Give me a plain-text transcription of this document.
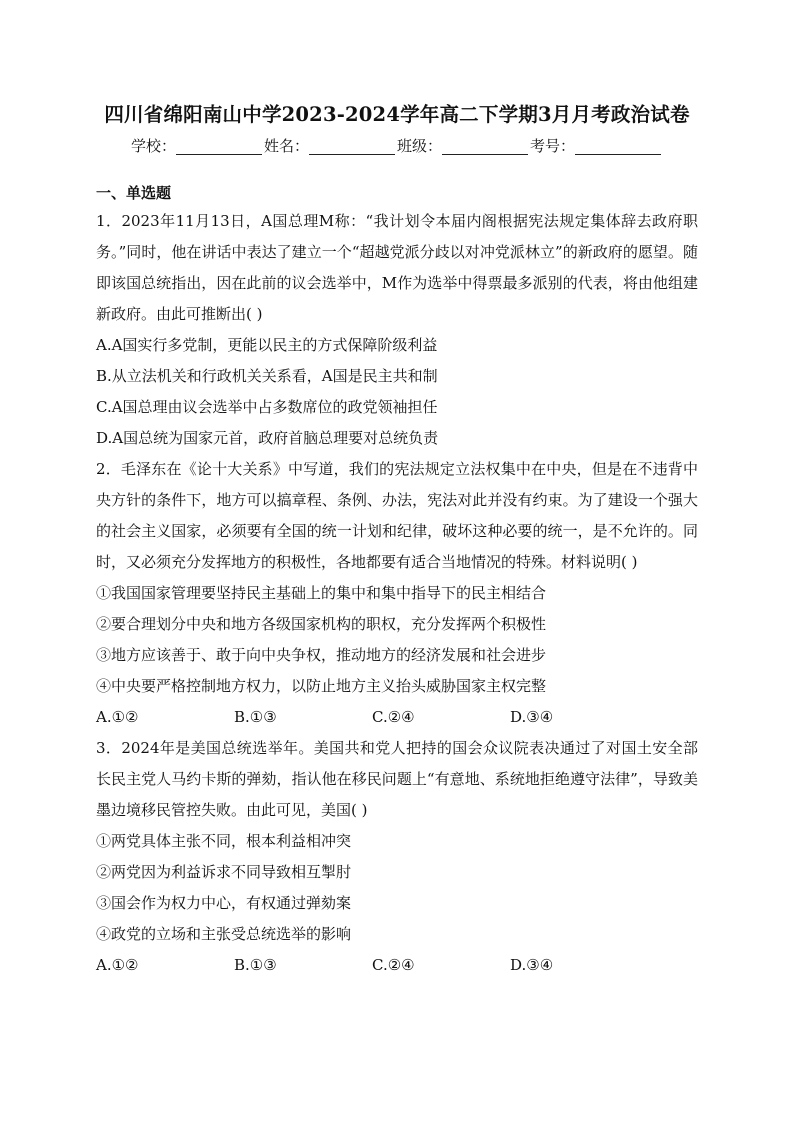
四川省绵阳南山中学2023-2024学年高二下学期3月月考政治试卷
学校：	姓名：	班级：	考号：
一、单选题

1．2023年11月13日，A国总理M称：“我计划令本届内阁根据宪法规定集体辞去政府职务。”同时，他在讲话中表达了建立一个“超越党派分歧以对冲党派林立”的新政府的愿望。随即该国总统指出，因在此前的议会选举中，M作为选举中得票最多派别的代表，将由他组建新政府。由此可推断出( )

A.A国实行多党制，更能以民主的方式保障阶级利益

B.从立法机关和行政机关关系看，A国是民主共和制

C.A国总理由议会选举中占多数席位的政党领袖担任

D.A国总统为国家元首，政府首脑总理要对总统负责

2．毛泽东在《论十大关系》中写道，我们的宪法规定立法权集中在中央，但是在不违背中央方针的条件下，地方可以搞章程、条例、办法，宪法对此并没有约束。为了建设一个强大的社会主义国家，必须要有全国的统一计划和纪律，破坏这种必要的统一，是不允许的。同时，又必须充分发挥地方的积极性，各地都要有适合当地情况的特殊。材料说明( )

①我国国家管理要坚持民主基础上的集中和集中指导下的民主相结合

②要合理划分中央和地方各级国家机构的职权，充分发挥两个积极性

③地方应该善于、敢于向中央争权，推动地方的经济发展和社会进步

④中央要严格控制地方权力，以防止地方主义抬头威胁国家主权完整

A.①②	B.①③	C.②④	D.③④

3．2024年是美国总统选举年。美国共和党人把持的国会众议院表决通过了对国土安全部长民主党人马约卡斯的弹劾，指认他在移民问题上“有意地、系统地拒绝遵守法律”，导致美墨边境移民管控失败。由此可见，美国( )

①两党具体主张不同，根本利益相冲突

②两党因为利益诉求不同导致相互掣肘

③国会作为权力中心，有权通过弹劾案

④政党的立场和主张受总统选举的影响

A.①②	B.①③	C.②④	D.③④
